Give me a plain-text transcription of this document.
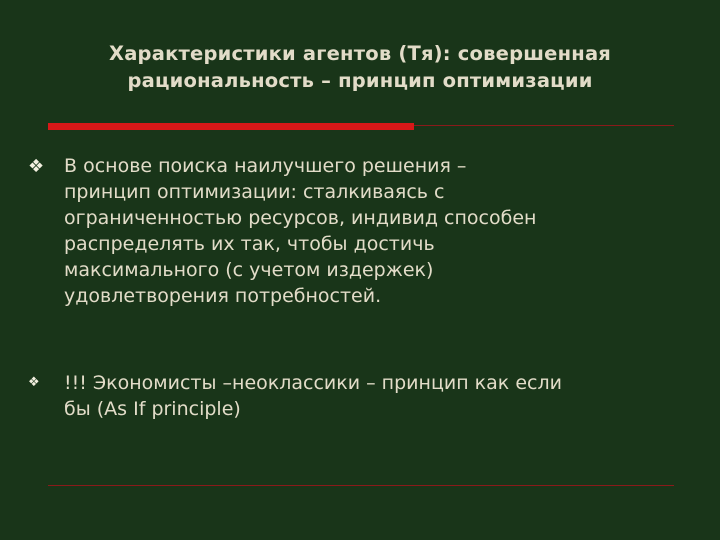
Характеристики агентов (Тя): совершенная рациональность – принцип оптимизации
❖ В основе поиска наилучшего решения –
принцип оптимизации: сталкиваясь с
ограниченностью ресурсов, индивид способен
распределять их так, чтобы достичь
максимального (с учетом издержек)
удовлетворения потребностей.
❖ !!! Экономисты –неоклассики – принцип как если
бы (As If principle)
